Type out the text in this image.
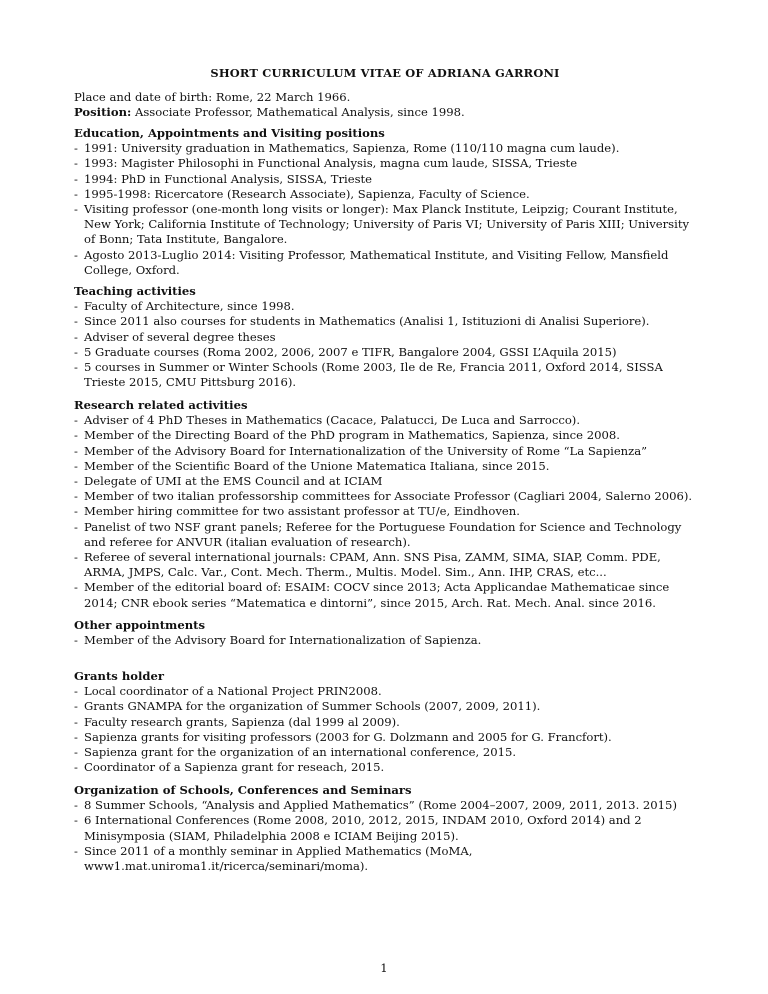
SHORT CURRICULUM VITAE OF ADRIANA GARRONI

Place and date of birth: Rome, 22 March 1966.

Position: Associate Professor, Mathematical Analysis, since 1998.

Education, Appointments and Visiting positions
- 1991: University graduation in Mathematics, Sapienza, Rome (110/110 magna cum laude).
- 1993: Magister Philosophi in Functional Analysis, magna cum laude, SISSA, Trieste
- 1994: PhD in Functional Analysis, SISSA, Trieste
- 1995-1998: Ricercatore (Research Associate), Sapienza, Faculty of Science.
- Visiting professor (one-month long visits or longer): Max Planck Institute, Leipzig; Courant Institute, New York; California Institute of Technology; University of Paris VI; University of Paris XIII; University of Bonn; Tata Institute, Bangalore.
- Agosto 2013-Luglio 2014: Visiting Professor, Mathematical Institute, and Visiting Fellow, Mansfield College, Oxford.
Teaching activities
- Faculty of Architecture, since 1998.
- Since 2011 also courses for students in Mathematics (Analisi 1, Istituzioni di Analisi Superiore).
- Adviser of several degree theses
- 5 Graduate courses (Roma 2002, 2006, 2007 e TIFR, Bangalore 2004, GSSI L’Aquila 2015)
- 5 courses in Summer or Winter Schools (Rome 2003, Ile de Re, Francia 2011, Oxford 2014, SISSA Trieste 2015, CMU Pittsburg 2016).
Research related activities
- Adviser of 4 PhD Theses in Mathematics (Cacace, Palatucci, De Luca and Sarrocco).
- Member of the Directing Board of the PhD program in Mathematics, Sapienza, since 2008.
- Member of the Advisory Board for Internationalization of the University of Rome “La Sapienza”
- Member of the Scientific Board of the Unione Matematica Italiana, since 2015.
- Delegate of UMI at the EMS Council and at ICIAM
- Member of two italian professorship committees for Associate Professor (Cagliari 2004, Salerno 2006).
- Member hiring committee for two assistant professor at TU/e, Eindhoven.
- Panelist of two NSF grant panels; Referee for the Portuguese Foundation for Science and Technology and referee for ANVUR (italian evaluation of research).
- Referee of several international journals: CPAM, Ann. SNS Pisa, ZAMM, SIMA, SIAP, Comm. PDE, ARMA, JMPS, Calc. Var., Cont. Mech. Therm., Multis. Model. Sim., Ann. IHP, CRAS, etc...
- Member of the editorial board of: ESAIM: COCV since 2013; Acta Applicandae Mathematicae since 2014; CNR ebook series “Matematica e dintorni”, since 2015, Arch. Rat. Mech. Anal. since 2016.
Other appointments
- Member of the Advisory Board for Internationalization of Sapienza.
Grants holder
- Local coordinator of a National Project PRIN2008.
- Grants GNAMPA for the organization of Summer Schools (2007, 2009, 2011).
- Faculty research grants, Sapienza (dal 1999 al 2009).
- Sapienza grants for visiting professors (2003 for G. Dolzmann and 2005 for G. Francfort).
- Sapienza grant for the organization of an international conference, 2015.
- Coordinator of a Sapienza grant for reseach, 2015.
Organization of Schools, Conferences and Seminars
- 8 Summer Schools, “Analysis and Applied Mathematics” (Rome 2004–2007, 2009, 2011, 2013. 2015)
- 6 International Conferences (Rome 2008, 2010, 2012, 2015, INDAM 2010, Oxford 2014) and 2 Minisymposia (SIAM, Philadelphia 2008 e ICIAM Beijing 2015).
- Since 2011 of a monthly seminar in Applied Mathematics (MoMA, www1.mat.uniroma1.it/ricerca/seminari/moma).
1
